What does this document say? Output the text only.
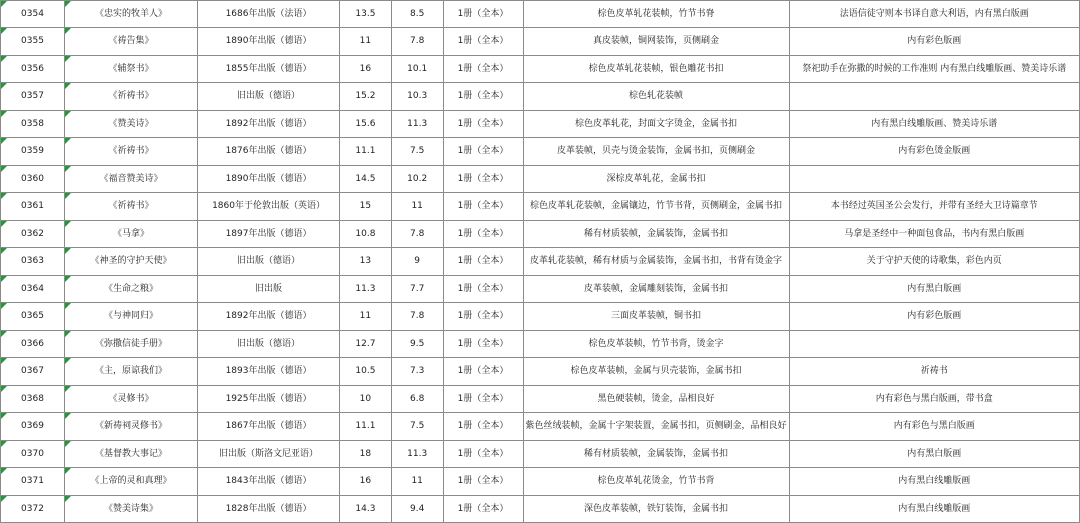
0354	《忠实的牧羊人》	1686年出版（法语）	13.5	8.5	1册（全本）	棕色皮革轧花装帧，竹节书脊	法语信徒守则本书译自意大利语，内有黑白版画
0355	《祷告集》	1890年出版（德语）	11	7.8	1册（全本）	真皮装帧，铜网装饰，页侧刷金	内有彩色版画
0356	《辅祭书》	1855年出版（德语）	16	10.1	1册（全本）	棕色皮革轧花装帧，银色雕花书扣	祭祀助手在弥撒的时候的工作准则 内有黑白线雕版画、赞美诗乐谱
0357	《祈祷书》	旧出版（德语）	15.2	10.3	1册（全本）	棕色轧花装帧	
0358	《赞美诗》	1892年出版（德语）	15.6	11.3	1册（全本）	棕色皮革轧花，封面文字烫金，金属书扣	内有黑白线雕版画、赞美诗乐谱
0359	《祈祷书》	1876年出版（德语）	11.1	7.5	1册（全本）	皮革装帧，贝壳与烫金装饰，金属书扣，页侧刷金	内有彩色烫金版画
0360	《福音赞美诗》	1890年出版（德语）	14.5	10.2	1册（全本）	深棕皮革轧花，金属书扣	
0361	《祈祷书》	1860年于伦敦出版（英语）	15	11	1册（全本）	棕色皮革轧花装帧，金属镶边，竹节书背，页侧刷金，金属书扣	本书经过英国圣公会发行，并带有圣经大卫诗篇章节
0362	《马拿》	1897年出版（德语）	10.8	7.8	1册（全本）	稀有材质装帧，金属装饰，金属书扣	马拿是圣经中一种面包食品，书内有黑白版画
0363	《神圣的守护天使》	旧出版（德语）	13	9	1册（全本）	皮革轧花装帧，稀有材质与金属装饰，金属书扣，书背有烫金字	关于守护天使的诗歌集，彩色内页
0364	《生命之粮》	旧出版	11.3	7.7	1册（全本）	皮革装帧，金属雕刻装饰，金属书扣	内有黑白版画
0365	《与神同归》	1892年出版（德语）	11	7.8	1册（全本）	三面皮革装帧，铜书扣	内有彩色版画
0366	《弥撒信徒手册》	旧出版（德语）	12.7	9.5	1册（全本）	棕色皮革装帧，竹节书背，烫金字	
0367	《主，原谅我们》	1893年出版（德语）	10.5	7.3	1册（全本）	棕色皮革装帧，金属与贝壳装饰，金属书扣	祈祷书
0368	《灵修书》	1925年出版（德语）	10	6.8	1册（全本）	黑色硬装帧，烫金，品相良好	内有彩色与黑白版画，带书盒
0369	《新祷祠灵修书》	1867年出版（德语）	11.1	7.5	1册（全本）	紫色丝绒装帧，金属十字架装置，金属书扣，页侧刷金，品相良好	内有彩色与黑白版画
0370	《基督教大事记》	旧出版（斯洛文尼亚语）	18	11.3	1册（全本）	稀有材质装帧，金属装饰，金属书扣	内有黑白版画
0371	《上帝的灵和真理》	1843年出版（德语）	16	11	1册（全本）	棕色皮革轧花烫金，竹节书背	内有黑白线雕版画
0372	《赞美诗集》	1828年出版（德语）	14.3	9.4	1册（全本）	深色皮革装帧，铁钉装饰，金属书扣	内有黑白线雕版画
